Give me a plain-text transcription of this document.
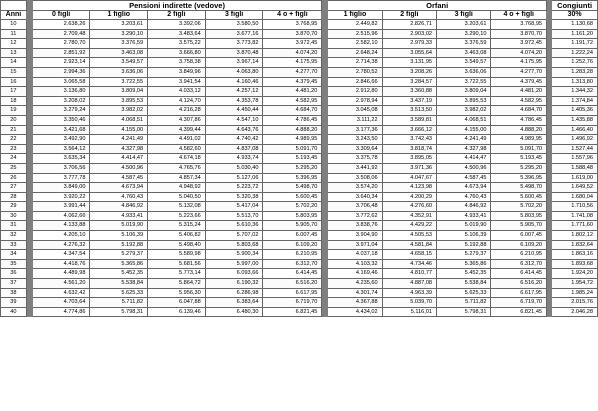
		Pensioni indirette (vedove)						Orfani					Congiunti
Anni		0 figli	1 figlio	2 figli	3 figli	4 o + figli		1 figlio	2 figli	3 figli	4 o + figli		30%
10		2.638,26	3.203,61	3.392,06	3.580,50	3.768,95		2.449,82	2.826,71	3.203,61	3.768,95		1.130,68
11		2.709,48	3.290,10	3.483,64	3.677,16	3.870,70		2.515,96	2.903,02	3.290,10	3.870,70		1.161,20
12		2.780,70	3.376,59	3.575,22	3.773,82	3.972,45		2.582,10	2.979,33	3.376,59	3.972,45		1.191,72
13		2.851,92	3.463,08	3.666,80	3.870,48	4.074,20		2.648,24	3.055,64	3.463,08	4.074,20		1.222,24
14		2.923,14	3.549,57	3.758,38	3.967,14	4.175,95		2.714,38	3.131,95	3.549,57	4.175,95		1.252,76
15		2.994,36	3.636,06	3.849,96	4.063,80	4.277,70		2.780,52	3.208,26	3.636,06	4.277,70		1.283,28
16		3.065,58	3.722,55	3.941,54	4.160,46	4.379,45		2.846,66	3.284,57	3.722,55	4.379,45		1.313,80
17		3.136,80	3.809,04	4.033,12	4.257,12	4.481,20		2.912,80	3.360,88	3.809,04	4.481,20		1.344,32
18		3.208,02	3.895,53	4.124,70	4.353,78	4.582,95		2.978,94	3.437,19	3.895,53	4.582,95		1.374,84
19		3.279,24	3.982,02	4.216,28	4.450,44	4.684,70		3.045,08	3.513,50	3.982,02	4.684,70		1.405,36
20		3.350,46	4.068,51	4.307,86	4.547,10	4.786,45		3.111,22	3.589,81	4.068,51	4.786,45		1.435,88
21		3.421,68	4.155,00	4.399,44	4.643,76	4.888,20		3.177,36	3.666,12	4.155,00	4.888,20		1.466,40
22		3.492,90	4.241,49	4.491,02	4.740,42	4.989,95		3.243,50	3.742,43	4.241,49	4.989,95		1.496,92
23		3.564,12	4.327,98	4.582,60	4.837,08	5.091,70		3.309,64	3.818,74	4.327,98	5.091,70		1.527,44
24		3.635,34	4.414,47	4.674,18	4.933,74	5.193,45		3.375,78	3.895,05	4.414,47	5.193,45		1.557,96
25		3.706,56	4.500,96	4.765,76	5.030,40	5.295,20		3.441,92	3.971,36	4.500,96	5.295,20		1.588,48
26		3.777,78	4.587,45	4.857,34	5.127,06	5.396,95		3.508,06	4.047,67	4.587,45	5.396,95		1.619,00
27		3.849,00	4.673,94	4.948,92	5.223,72	5.498,70		3.574,20	4.123,98	4.673,94	5.498,70		1.649,52
28		3.920,22	4.760,43	5.040,50	5.320,38	5.600,45		3.640,34	4.200,29	4.760,43	5.600,45		1.680,04
29		3.991,44	4.846,92	5.132,08	5.417,04	5.702,20		3.706,48	4.276,60	4.846,92	5.702,20		1.710,56
30		4.062,66	4.933,41	5.223,66	5.513,70	5.803,95		3.772,62	4.352,91	4.933,41	5.803,95		1.741,08
31		4.133,88	5.019,90	5.315,24	5.610,36	5.905,70		3.838,76	4.429,22	5.019,90	5.905,70		1.771,60
32		4.205,10	5.106,39	5.406,82	5.707,02	6.007,45		3.904,90	4.505,53	5.106,39	6.007,45		1.802,12
33		4.276,32	5.192,88	5.498,40	5.803,68	6.109,20		3.971,04	4.581,84	5.192,88	6.109,20		1.832,64
34		4.347,54	5.279,37	5.589,98	5.900,34	6.210,95		4.037,18	4.658,15	5.279,37	6.210,95		1.863,16
35		4.418,76	5.365,86	5.681,56	5.997,00	6.312,70		4.103,32	4.734,46	5.365,86	6.312,70		1.893,68
36		4.489,98	5.452,35	5.773,14	6.093,66	6.414,45		4.169,46	4.810,77	5.452,35	6.414,45		1.924,20
37		4.561,20	5.538,84	5.864,72	6.190,32	6.516,20		4.235,60	4.887,08	5.538,84	6.516,20		1.954,72
38		4.632,42	5.625,33	5.956,30	6.286,98	6.617,95		4.301,74	4.963,39	5.625,33	6.617,95		1.985,24
39		4.703,64	5.711,82	6.047,88	6.383,64	6.719,70		4.367,88	5.039,70	5.711,82	6.719,70		2.015,76
40		4.774,86	5.798,31	6.139,46	6.480,30	6.821,45		4.434,02	5.116,01	5.798,31	6.821,45		2.046,28
